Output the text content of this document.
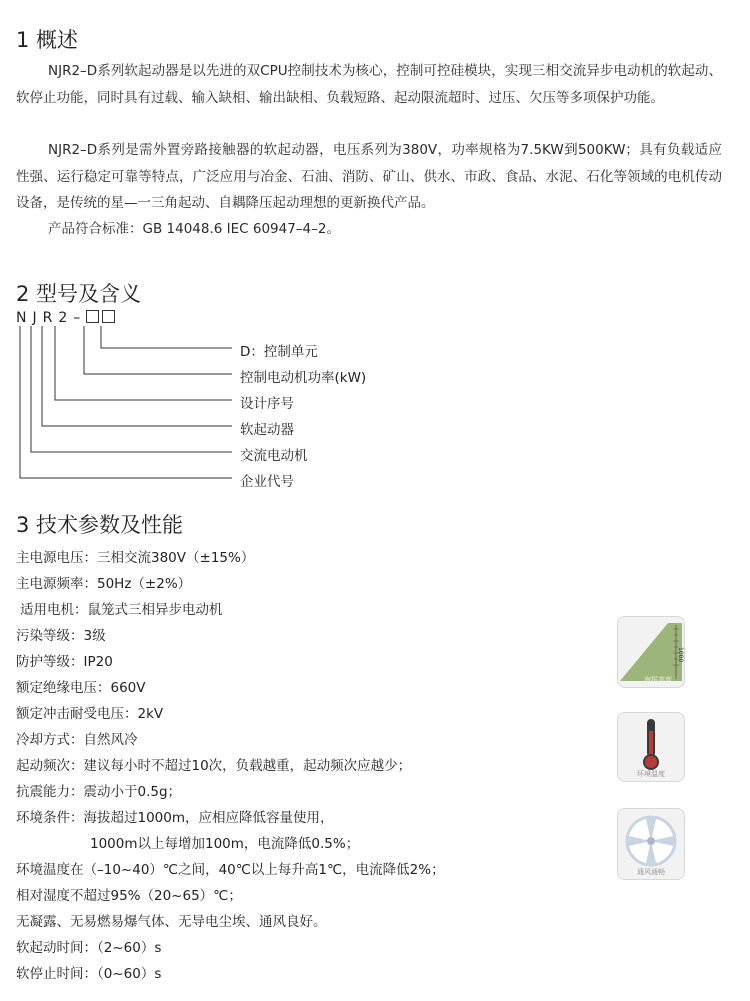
1 概述

NJR2–D系列软起动器是以先进的双CPU控制技术为核心，控制可控硅模块，实现三相交流异步电动机的软起动、软停止功能，同时具有过载、输入缺相、输出缺相、负载短路、起动限流超时、过压、欠压等多项保护功能。

NJR2–D系列是需外置旁路接触器的软起动器，电压系列为380V，功率规格为7.5KW到500KW；具有负载适应性强、运行稳定可靠等特点，广泛应用与冶金、石油、消防、矿山、供水、市政、食品、水泥、石化等领域的电机传动设备，是传统的星—一三角起动、自耦降压起动理想的更新换代产品。

产品符合标准：GB 14048.6 IEC 60947–4–2。
2 型号及含义
NJR2–
D：控制单元
控制电动机功率(kW)
设计序号
软起动器
交流电动机
企业代号
3 技术参数及性能
主电源电压：三相交流380V（±15%）
主电源频率：50Hz（±2%）
适用电机：鼠笼式三相异步电动机
污染等级：3级
防护等级：IP20
额定绝缘电压：660V
额定冲击耐受电压：2kV
冷却方式：自然风冷
起动频次：建议每小时不超过10次，负载越重，起动频次应越少；
抗震能力：震动小于0.5g；
环境条件：海拔超过1000m，应相应降低容量使用，
1000m以上每增加100m，电流降低0.5%；
环境温度在（–10~40）℃之间，40℃以上每升高1℃，电流降低2%；
相对湿度不超过95%（20~65）℃；
无凝露、无易燃易爆气体、无导电尘埃、通风良好。
软起动时间：（2~60）s
软停止时间：（0~60）s
1000
海拔高度
环境温度
通风通畅
